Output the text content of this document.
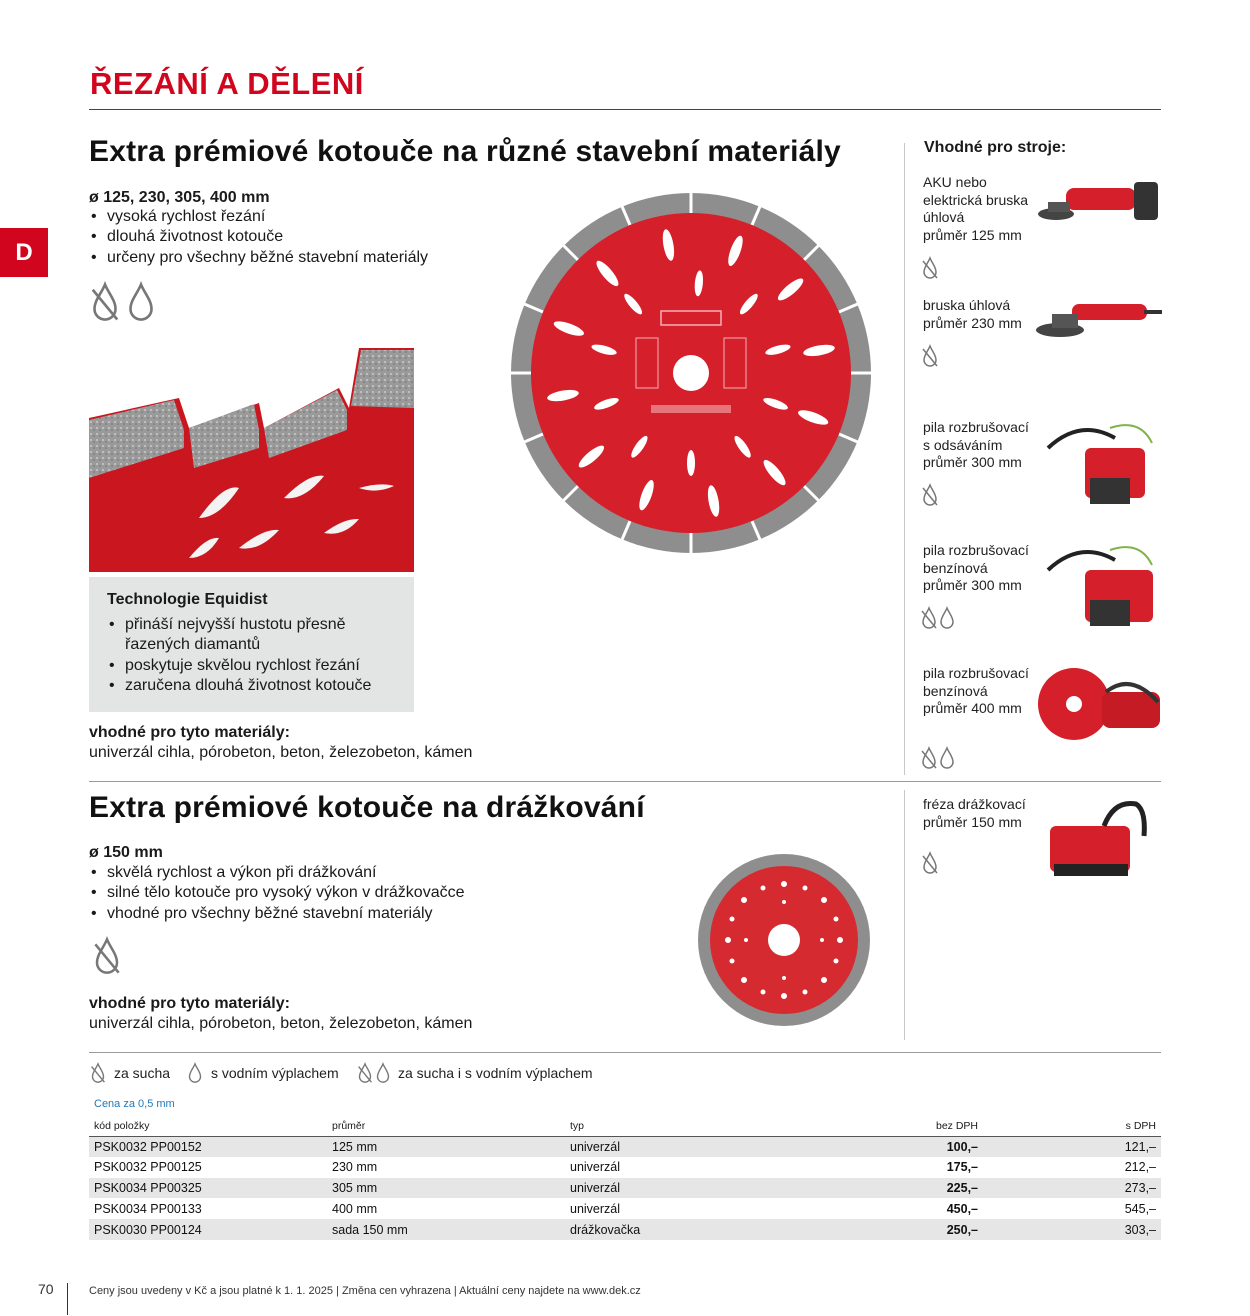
ŘEZÁNÍ A DĚLENÍ
D
Extra prémiové kotouče na různé stavební materiály
ø 125, 230, 305, 400 mm
• vysoká rychlost řezání
• dlouhá životnost kotouče
• určeny pro všechny běžné stavební materiály

Technologie Equidist
• přináší nejvyšší hustotu přesně řazených diamantů
• poskytuje skvělou rychlost řezání
• zaručena dlouhá životnost kotouče
vhodné pro tyto materiály:
univerzál cihla, pórobeton, beton, železobeton, kámen
Extra prémiové kotouče na drážkování
ø 150 mm
• skvělá rychlost a výkon při drážkování
• silné tělo kotouče pro vysoký výkon v drážkovačce
• vhodné pro všechny běžné stavební materiály
vhodné pro tyto materiály:
univerzál cihla, pórobeton, beton, železobeton, kámen
Vhodné pro stroje:
AKU nebo
elektrická bruska
úhlová
průměr 125 mm
bruska úhlová
průměr 230 mm
pila rozbrušovací
s odsáváním
průměr 300 mm
pila rozbrušovací
benzínová
průměr 300 mm
pila rozbrušovací
benzínová
průměr 400 mm
fréza drážkovací
průměr 150 mm
za sucha	s vodním výplachem	za sucha i s vodním výplachem
Cena za 0,5 mm
kód položky	průměr	typ	bez DPH	s DPH
PSK0032 PP00152	125 mm	univerzál	100,–	121,–
PSK0032 PP00125	230 mm	univerzál	175,–	212,–
PSK0034 PP00325	305 mm	univerzál	225,–	273,–
PSK0034 PP00133	400 mm	univerzál	450,–	545,–
PSK0030 PP00124	sada 150 mm	drážkovačka	250,–	303,–
70	Ceny jsou uvedeny v Kč a jsou platné k 1. 1. 2025 | Změna cen vyhrazena | Aktuální ceny najdete na www.dek.cz
